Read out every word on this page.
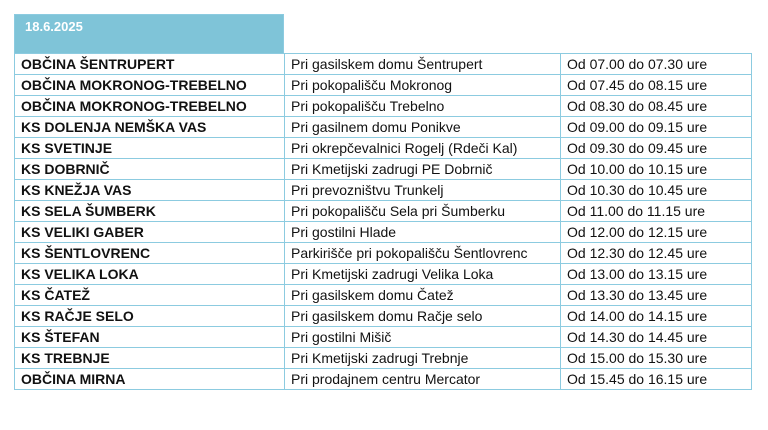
18.6.2025
OBČINA ŠENTRUPERT	Pri gasilskem domu Šentrupert	Od 07.00 do 07.30 ure
OBČINA MOKRONOG-TREBELNO	Pri pokopališču Mokronog	Od 07.45 do 08.15 ure
OBČINA MOKRONOG-TREBELNO	Pri pokopališču Trebelno	Od 08.30 do 08.45 ure
KS DOLENJA NEMŠKA VAS	Pri gasilnem domu Ponikve	Od 09.00 do 09.15 ure
KS SVETINJE	Pri okrepčevalnici Rogelj (Rdeči Kal)	Od 09.30 do 09.45 ure
KS DOBRNIČ	Pri Kmetijski zadrugi PE Dobrnič	Od 10.00 do 10.15 ure
KS KNEŽJA VAS	Pri prevozništvu Trunkelj	Od 10.30 do 10.45 ure
KS SELA ŠUMBERK	Pri pokopališču Sela pri Šumberku	Od 11.00 do 11.15 ure
KS VELIKI GABER	Pri gostilni Hlade	Od 12.00 do 12.15 ure
KS ŠENTLOVRENC	Parkirišče pri pokopališču Šentlovrenc	Od 12.30 do 12.45 ure
KS VELIKA LOKA	Pri Kmetijski zadrugi Velika Loka	Od 13.00 do 13.15 ure
KS ČATEŽ	Pri gasilskem domu Čatež	Od 13.30 do 13.45 ure
KS RAČJE SELO	Pri gasilskem domu Račje selo	Od 14.00 do 14.15 ure
KS ŠTEFAN	Pri gostilni Mišič	Od 14.30 do 14.45 ure
KS TREBNJE	Pri Kmetijski zadrugi Trebnje	Od 15.00 do 15.30 ure
OBČINA MIRNA	Pri prodajnem centru Mercator	Od 15.45 do 16.15 ure
